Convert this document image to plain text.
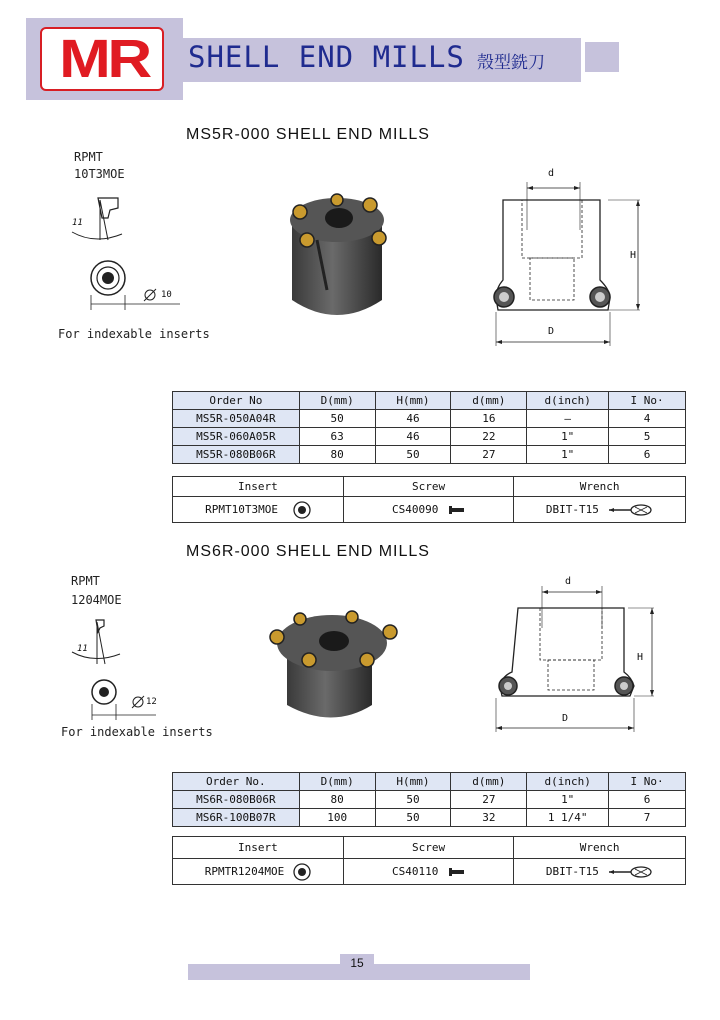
MR	SHELL END MILLS 殼型銑刀
MS5R-000 SHELL END MILLS
RPMT
10T3MOE
11
10
For indexable inserts
d
H
D
Order No	D(mm)	H(mm)	d(mm)	d(inch)	I No·
MS5R-050A04R	50	46	16	–	4
MS5R-060A05R	63	46	22	1"	5
MS5R-080B06R	80	50	27	1"	6
Insert	Screw	Wrench
RPMT10T3MOE	CS40090	DBIT-T15
MS6R-000 SHELL END MILLS
RPMT
1204MOE
11
12
For indexable inserts
d
H
D
Order No.	D(mm)	H(mm)	d(mm)	d(inch)	I No·
MS6R-080B06R	80	50	27	1"	6
MS6R-100B07R	100	50	32	1 1/4"	7
Insert	Screw	Wrench
RPMTR1204MOE	CS40110	DBIT-T15
15
